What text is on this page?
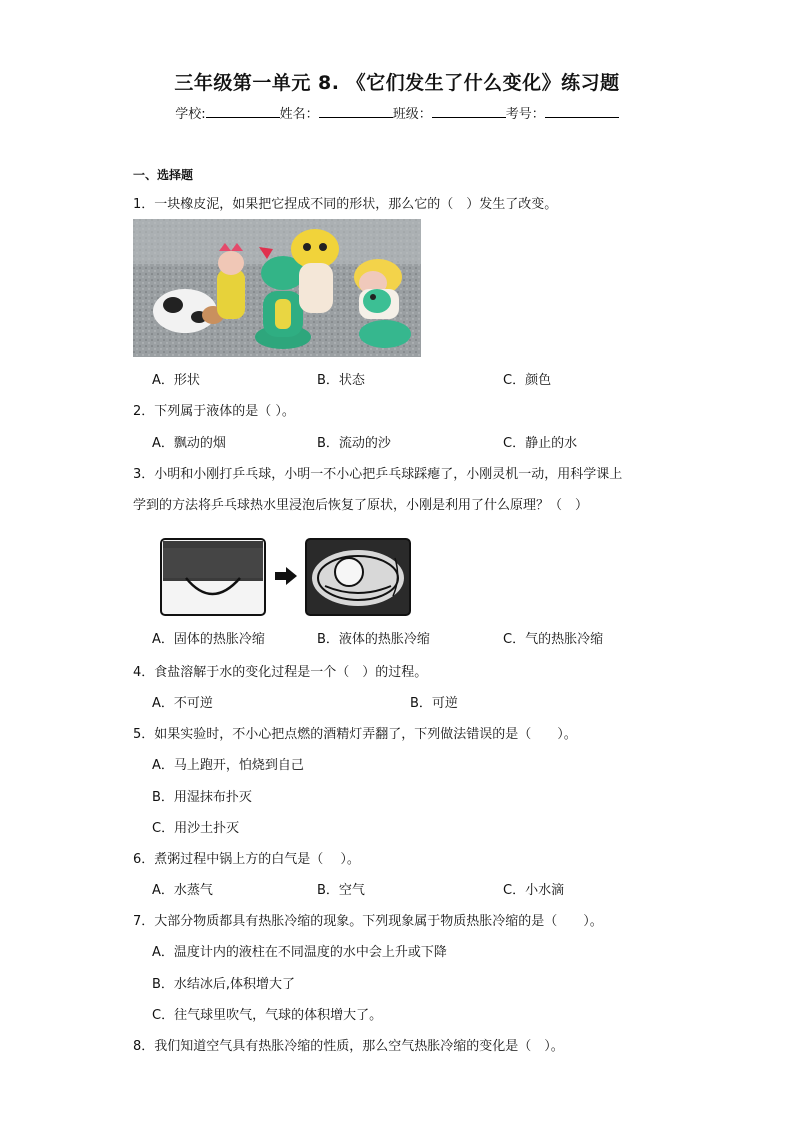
三年级第一单元 8. 《它们发生了什么变化》练习题
学校:	姓名：	班级：	考号：
一、选择题
1．一块橡皮泥，如果把它捏成不同的形状，那么它的（　）发生了改变。
A．形状	B．状态	C．颜色
2．下列属于液体的是（ ）。
A．飘动的烟	B．流动的沙	C．静止的水
3．小明和小刚打乒乓球，小明一不小心把乒乓球踩瘪了，小刚灵机一动，用科学课上
学到的方法将乒乓球热水里浸泡后恢复了原状，小刚是利用了什么原理？（　）
A．固体的热胀冷缩	B．液体的热胀冷缩	C．气的热胀冷缩
4．食盐溶解于水的变化过程是一个（　）的过程。
A．不可逆	B．可逆
5．如果实验时，不小心把点燃的酒精灯弄翻了，下列做法错误的是（　　）。
A．马上跑开，怕烧到自己
B．用湿抹布扑灭
C．用沙土扑灭
6．煮粥过程中锅上方的白气是（　 ）。
A．水蒸气	B．空气	C．小水滴
7．大部分物质都具有热胀冷缩的现象。下列现象属于物质热胀冷缩的是（　　）。
A．温度计内的液柱在不同温度的水中会上升或下降
B．水结冰后,体积增大了
C．往气球里吹气，气球的体积增大了。
8．我们知道空气具有热胀冷缩的性质，那么空气热胀冷缩的变化是（　）。
